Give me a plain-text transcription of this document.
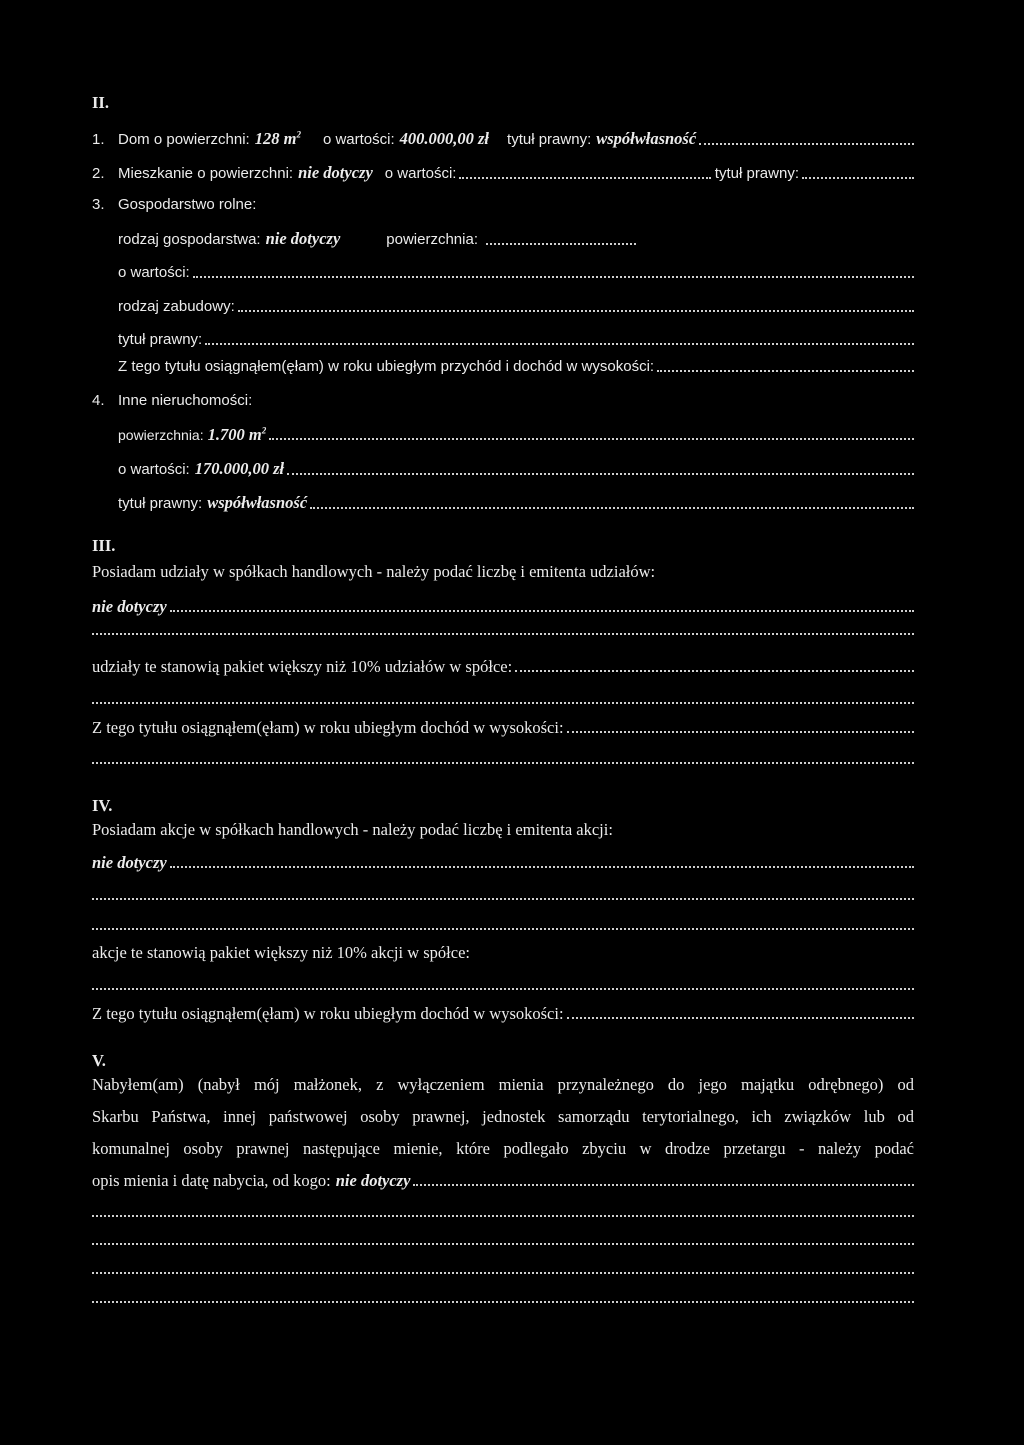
II.
1. Dom o powierzchni: 128 $m^2$ o wartości: 400.000,00 zł tytuł prawny: współwłasność
2. Mieszkanie o powierzchni: nie dotyczy o wartości:	tytuł prawny:
3. Gospodarstwo rolne:
rodzaj gospodarstwa: nie dotyczy	powierzchnia:
o wartości:
rodzaj zabudowy:
tytuł prawny:
Z tego tytułu osiągnąłem(ęłam) w roku ubiegłym przychód i dochód w wysokości:
4. Inne nieruchomości:
powierzchnia: 1.700 $m^2$
o wartości: 170.000,00 zł
tytuł prawny: współwłasność
III.
Posiadam udziały w spółkach handlowych - należy podać liczbę i emitenta udziałów:
nie dotyczy
udziały te stanowią pakiet większy niż 10% udziałów w spółce:
Z tego tytułu osiągnąłem(ęłam) w roku ubiegłym dochód w wysokości:
IV.
Posiadam akcje w spółkach handlowych - należy podać liczbę i emitenta akcji:
nie dotyczy
akcje te stanowią pakiet większy niż 10% akcji w spółce:
Z tego tytułu osiągnąłem(ęłam) w roku ubiegłym dochód w wysokości:
V.
Nabyłem(am) (nabył mój małżonek, z wyłączeniem mienia przynależnego do jego majątku odrębnego) od
Skarbu Państwa, innej państwowej osoby prawnej, jednostek samorządu terytorialnego, ich związków lub od
komunalnej osoby prawnej następujące mienie, które podlegało zbyciu w drodze przetargu - należy podać
opis mienia i datę nabycia, od kogo: nie dotyczy
